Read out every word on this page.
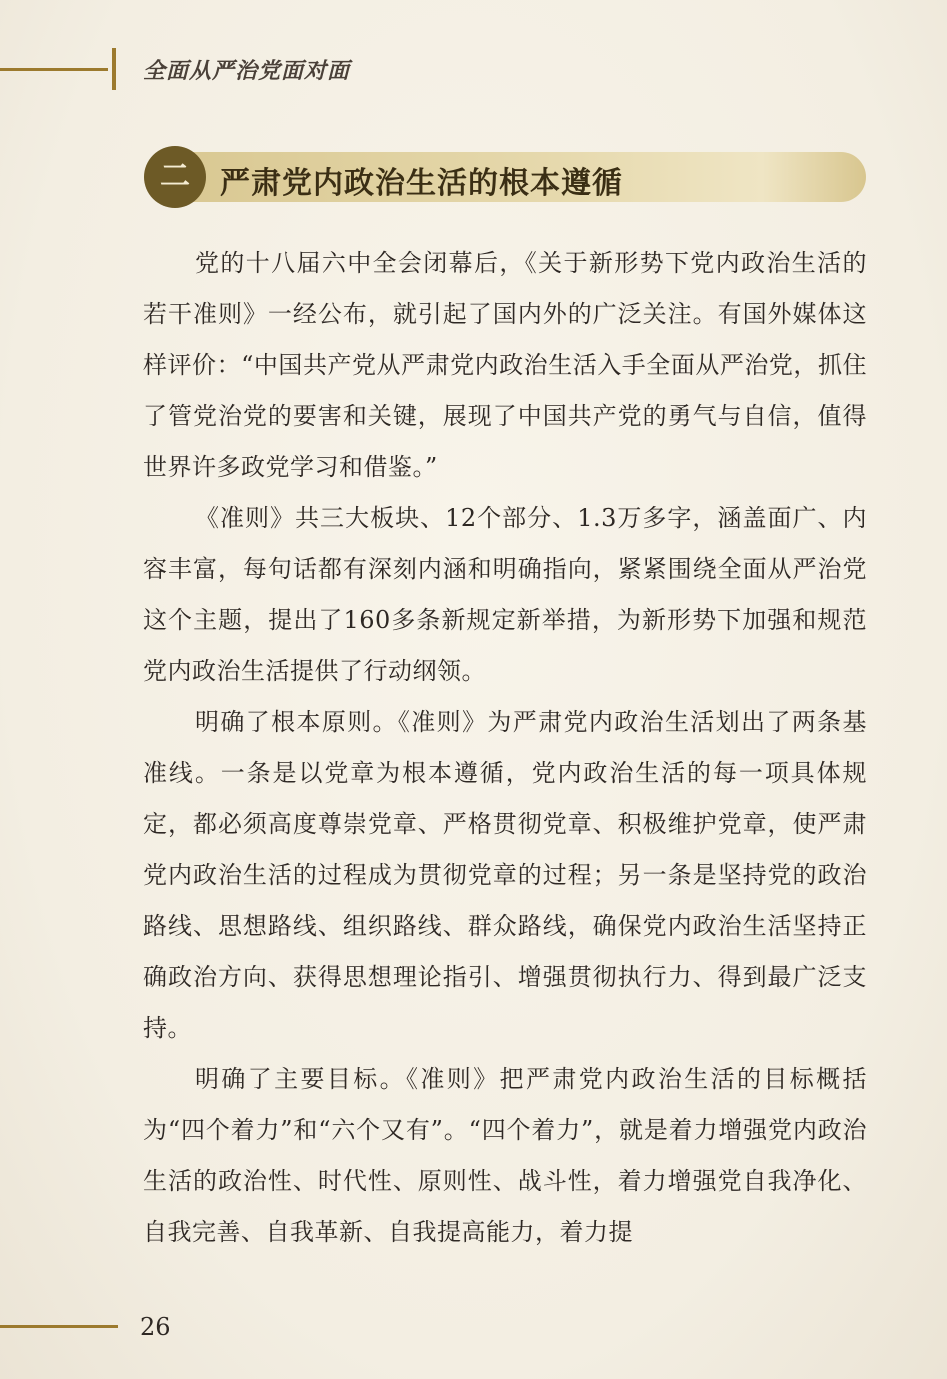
全面从严治党面对面
二	严肃党内政治生活的根本遵循

党的十八届六中全会闭幕后，《关于新形势下党内政治生活的若干准则》一经公布，就引起了国内外的广泛关注。有国外媒体这样评价：“中国共产党从严肃党内政治生活入手全面从严治党，抓住了管党治党的要害和关键，展现了中国共产党的勇气与自信，值得世界许多政党学习和借鉴。”

《准则》共三大板块、12个部分、1.3万多字，涵盖面广、内容丰富，每句话都有深刻内涵和明确指向，紧紧围绕全面从严治党这个主题，提出了160多条新规定新举措，为新形势下加强和规范党内政治生活提供了行动纲领。

明确了根本原则。《准则》为严肃党内政治生活划出了两条基准线。一条是以党章为根本遵循，党内政治生活的每一项具体规定，都必须高度尊崇党章、严格贯彻党章、积极维护党章，使严肃党内政治生活的过程成为贯彻党章的过程；另一条是坚持党的政治路线、思想路线、组织路线、群众路线，确保党内政治生活坚持正确政治方向、获得思想理论指引、增强贯彻执行力、得到最广泛支持。

明确了主要目标。《准则》把严肃党内政治生活的目标概括为“四个着力”和“六个又有”。“四个着力”，就是着力增强党内政治生活的政治性、时代性、原则性、战斗性，着力增强党自我净化、自我完善、自我革新、自我提高能力，着力提

26
